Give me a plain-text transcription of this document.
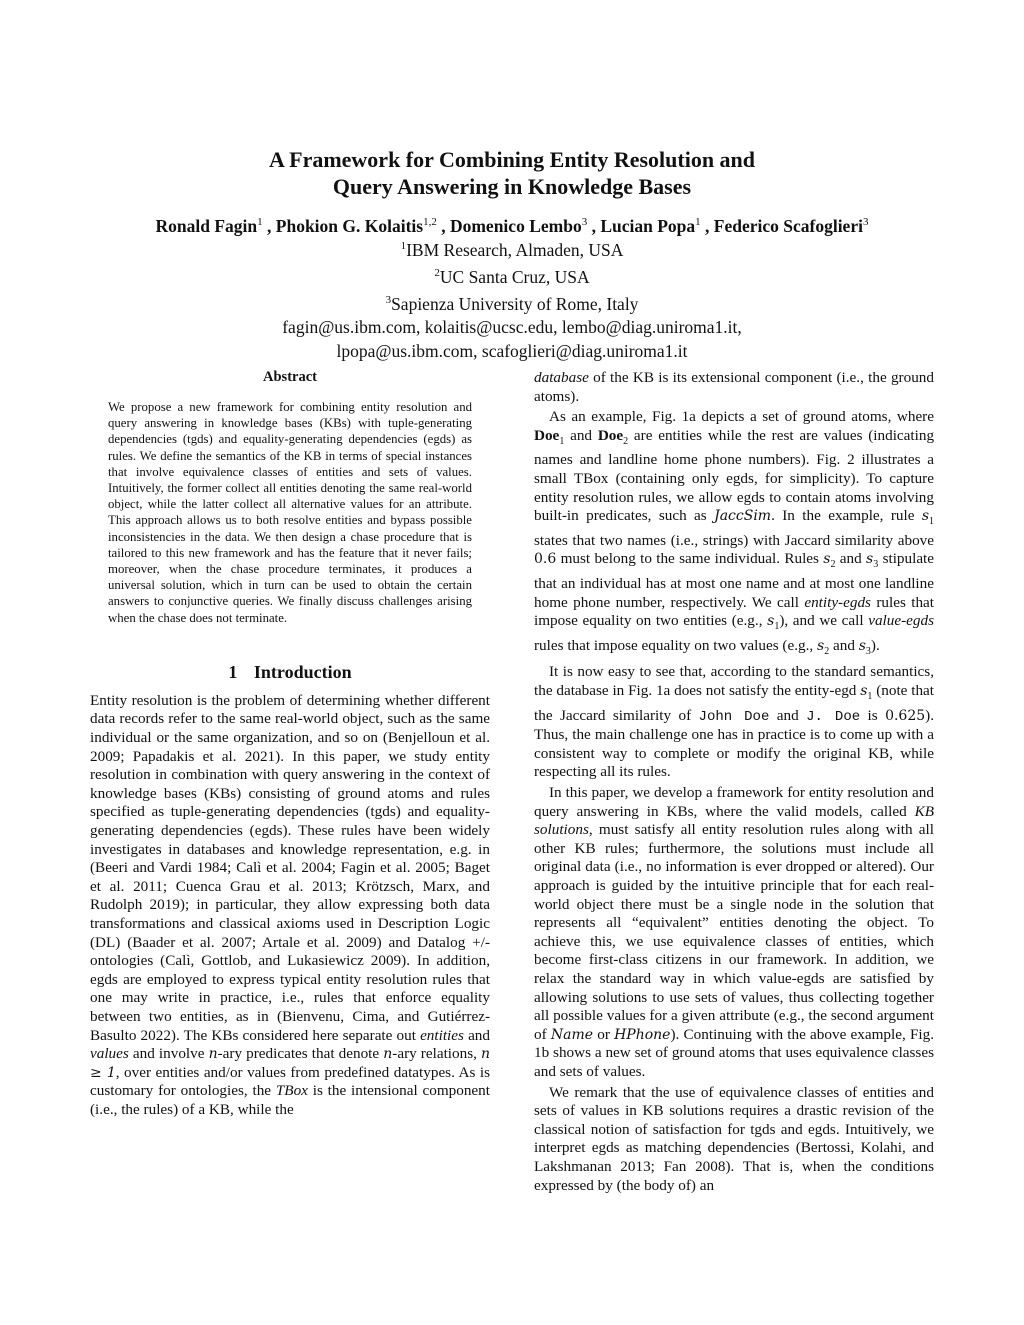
A Framework for Combining Entity Resolution and
Query Answering in Knowledge Bases
Ronald Fagin$^1$ , Phokion G. Kolaitis$^{1,2}$ , Domenico Lembo$^3$ , Lucian Popa$^1$ , Federico Scafoglieri$^3$
$^1$IBM Research, Almaden, USA
$^2$UC Santa Cruz, USA
$^3$Sapienza University of Rome, Italy
fagin@us.ibm.com, kolaitis@ucsc.edu, lembo@diag.uniroma1.it,
lpopa@us.ibm.com, scafoglieri@diag.uniroma1.it
Abstract
We propose a new framework for combining entity resolution and query answering in knowledge bases (KBs) with tuple-generating dependencies (tgds) and equality-generating dependencies (egds) as rules. We define the semantics of the KB in terms of special instances that involve equivalence classes of entities and sets of values. Intuitively, the former collect all entities denoting the same real-world object, while the latter collect all alternative values for an attribute. This approach allows us to both resolve entities and bypass possible inconsistencies in the data. We then design a chase procedure that is tailored to this new framework and has the feature that it never fails; moreover, when the chase procedure terminates, it produces a universal solution, which in turn can be used to obtain the certain answers to conjunctive queries. We finally discuss challenges arising when the chase does not terminate.
1 Introduction

Entity resolution is the problem of determining whether different data records refer to the same real-world object, such as the same individual or the same organization, and so on (Benjelloun et al. 2009; Papadakis et al. 2021). In this paper, we study entity resolution in combination with query answering in the context of knowledge bases (KBs) consisting of ground atoms and rules specified as tuple-generating dependencies (tgds) and equality-generating dependencies (egds). These rules have been widely investigates in databases and knowledge representation, e.g. in (Beeri and Vardi 1984; Calì et al. 2004; Fagin et al. 2005; Baget et al. 2011; Cuenca Grau et al. 2013; Krötzsch, Marx, and Rudolph 2019); in particular, they allow expressing both data transformations and classical axioms used in Description Logic (DL) (Baader et al. 2007; Artale et al. 2009) and Datalog +/- ontologies (Calì, Gottlob, and Lukasiewicz 2009). In addition, egds are employed to express typical entity resolution rules that one may write in practice, i.e., rules that enforce equality between two entities, as in (Bienvenu, Cima, and Gutiérrez-Basulto 2022). The KBs considered here separate out entities and values and involve n-ary predicates that denote n-ary relations, n ≥ 1, over entities and/or values from predefined datatypes. As is customary for ontologies, the TBox is the intensional component (i.e., the rules) of a KB, while the

database of the KB is its extensional component (i.e., the ground atoms).

As an example, Fig. 1a depicts a set of ground atoms, where Doe$_1$ and Doe$_2$ are entities while the rest are values (indicating names and landline home phone numbers). Fig. 2 illustrates a small TBox (containing only egds, for simplicity). To capture entity resolution rules, we allow egds to contain atoms involving built-in predicates, such as JaccSim. In the example, rule $s_1$ states that two names (i.e., strings) with Jaccard similarity above 0.6 must belong to the same individual. Rules $s_2$ and $s_3$ stipulate that an individual has at most one name and at most one landline home phone number, respectively. We call entity-egds rules that impose equality on two entities (e.g., $s_1$), and we call value-egds rules that impose equality on two values (e.g., $s_2$ and $s_3$).

It is now easy to see that, according to the standard semantics, the database in Fig. 1a does not satisfy the entity-egd $s_1$ (note that the Jaccard similarity of John Doe and J. Doe is 0.625). Thus, the main challenge one has in practice is to come up with a consistent way to complete or modify the original KB, while respecting all its rules.

In this paper, we develop a framework for entity resolution and query answering in KBs, where the valid models, called KB solutions, must satisfy all entity resolution rules along with all other KB rules; furthermore, the solutions must include all original data (i.e., no information is ever dropped or altered). Our approach is guided by the intuitive principle that for each real-world object there must be a single node in the solution that represents all “equivalent” entities denoting the object. To achieve this, we use equivalence classes of entities, which become first-class citizens in our framework. In addition, we relax the standard way in which value-egds are satisfied by allowing solutions to use sets of values, thus collecting together all possible values for a given attribute (e.g., the second argument of Name or HPhone). Continuing with the above example, Fig. 1b shows a new set of ground atoms that uses equivalence classes and sets of values.

We remark that the use of equivalence classes of entities and sets of values in KB solutions requires a drastic revision of the classical notion of satisfaction for tgds and egds. Intuitively, we interpret egds as matching dependencies (Bertossi, Kolahi, and Lakshmanan 2013; Fan 2008). That is, when the conditions expressed by (the body of) an
